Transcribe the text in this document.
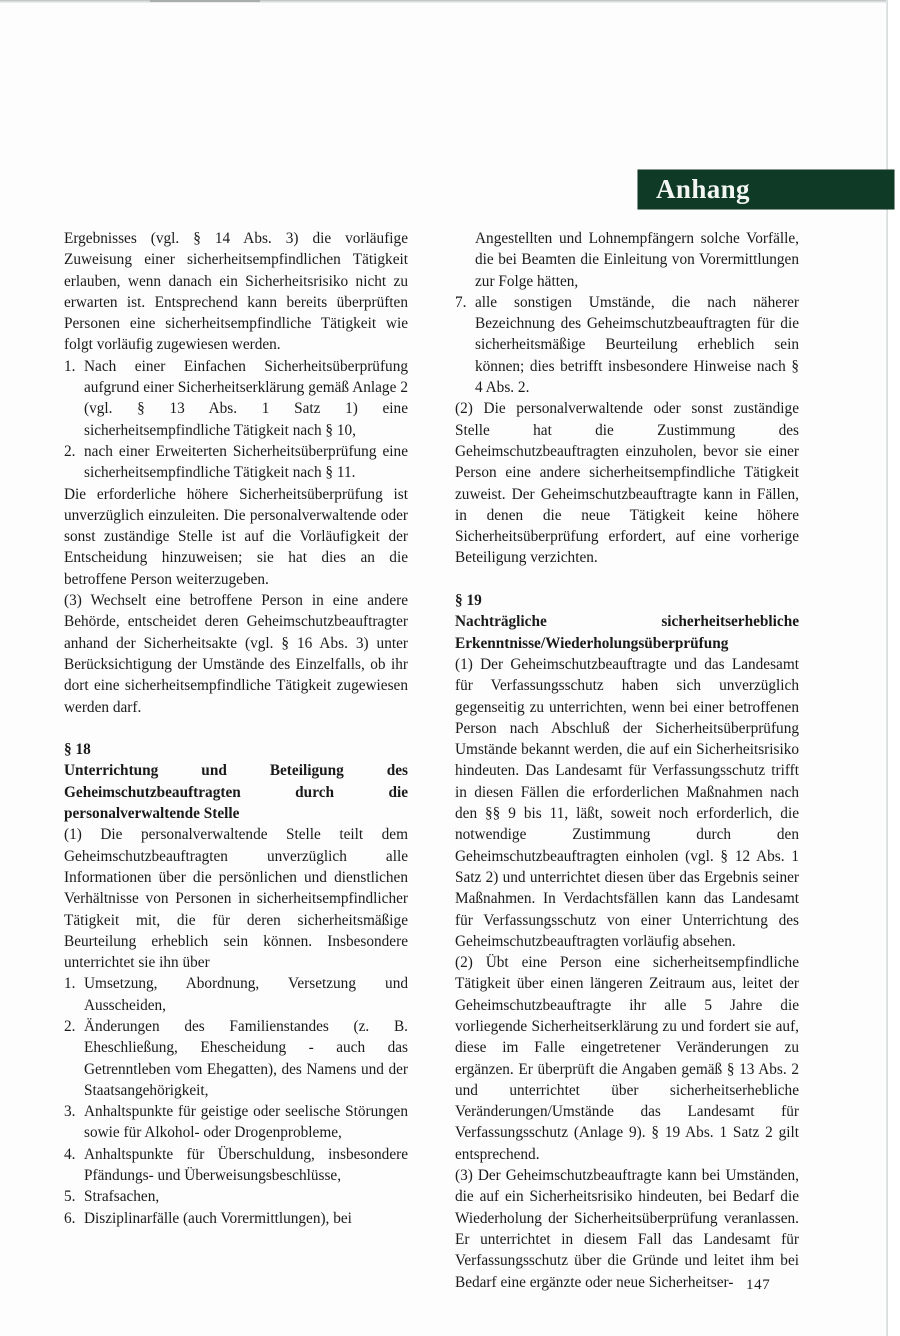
Anhang
Ergebnisses (vgl. § 14 Abs. 3) die vorläufige Zuweisung einer sicherheitsempfindlichen Tätigkeit erlauben, wenn danach ein Sicherheitsrisiko nicht zu erwarten ist. Entsprechend kann bereits überprüften Personen eine sicherheitsempfindliche Tätigkeit wie folgt vorläufig zugewiesen werden.
1. Nach einer Einfachen Sicherheitsüberprüfung aufgrund einer Sicherheitserklärung gemäß Anlage 2 (vgl. § 13 Abs. 1 Satz 1) eine sicherheitsempfindliche Tätigkeit nach § 10,
2. nach einer Erweiterten Sicherheitsüberprüfung eine sicherheitsempfindliche Tätigkeit nach § 11.
Die erforderliche höhere Sicherheitsüberprüfung ist unverzüglich einzuleiten. Die personalverwaltende oder sonst zuständige Stelle ist auf die Vorläufigkeit der Entscheidung hinzuweisen; sie hat dies an die betroffene Person weiterzugeben.
(3) Wechselt eine betroffene Person in eine andere Behörde, entscheidet deren Geheimschutzbeauftragter anhand der Sicherheitsakte (vgl. § 16 Abs. 3) unter Berücksichtigung der Umstände des Einzelfalls, ob ihr dort eine sicherheitsempfindliche Tätigkeit zugewiesen werden darf.
§ 18
Unterrichtung und Beteiligung des Geheimschutzbeauftragten durch die personalverwaltende Stelle
(1) Die personalverwaltende Stelle teilt dem Geheimschutzbeauftragten unverzüglich alle Informationen über die persönlichen und dienstlichen Verhältnisse von Personen in sicherheitsempfindlicher Tätigkeit mit, die für deren sicherheitsmäßige Beurteilung erheblich sein können. Insbesondere unterrichtet sie ihn über
1. Umsetzung, Abordnung, Versetzung und Ausscheiden,
2. Änderungen des Familienstandes (z. B. Eheschließung, Ehescheidung - auch das Getrenntleben vom Ehegatten), des Namens und der Staatsangehörigkeit,
3. Anhaltspunkte für geistige oder seelische Störungen sowie für Alkohol- oder Drogenprobleme,
4. Anhaltspunkte für Überschuldung, insbesondere Pfändungs- und Überweisungsbeschlüsse,
5. Strafsachen,
6. Disziplinarfälle (auch Vorermittlungen), bei
Angestellten und Lohnempfängern solche Vorfälle, die bei Beamten die Einleitung von Vorermittlungen zur Folge hätten,
7. alle sonstigen Umstände, die nach näherer Bezeichnung des Geheimschutzbeauftragten für die sicherheitsmäßige Beurteilung erheblich sein können; dies betrifft insbesondere Hinweise nach § 4 Abs. 2.
(2) Die personalverwaltende oder sonst zuständige Stelle hat die Zustimmung des Geheimschutzbeauftragten einzuholen, bevor sie einer Person eine andere sicherheitsempfindliche Tätigkeit zuweist. Der Geheimschutzbeauftragte kann in Fällen, in denen die neue Tätigkeit keine höhere Sicherheitsüberprüfung erfordert, auf eine vorherige Beteiligung verzichten.
§ 19
Nachträgliche sicherheitserhebliche Erkenntnisse/Wiederholungsüberprüfung
(1) Der Geheimschutzbeauftragte und das Landesamt für Verfassungsschutz haben sich unverzüglich gegenseitig zu unterrichten, wenn bei einer betroffenen Person nach Abschluß der Sicherheitsüberprüfung Umstände bekannt werden, die auf ein Sicherheitsrisiko hindeuten. Das Landesamt für Verfassungsschutz trifft in diesen Fällen die erforderlichen Maßnahmen nach den §§ 9 bis 11, läßt, soweit noch erforderlich, die notwendige Zustimmung durch den Geheimschutzbeauftragten einholen (vgl. § 12 Abs. 1 Satz 2) und unterrichtet diesen über das Ergebnis seiner Maßnahmen. In Verdachtsfällen kann das Landesamt für Verfassungsschutz von einer Unterrichtung des Geheimschutzbeauftragten vorläufig absehen.
(2) Übt eine Person eine sicherheitsempfindliche Tätigkeit über einen längeren Zeitraum aus, leitet der Geheimschutzbeauftragte ihr alle 5 Jahre die vorliegende Sicherheitserklärung zu und fordert sie auf, diese im Falle eingetretener Veränderungen zu ergänzen. Er überprüft die Angaben gemäß § 13 Abs. 2 und unterrichtet über sicherheitserhebliche Veränderungen/Umstände das Landesamt für Verfassungsschutz (Anlage 9). § 19 Abs. 1 Satz 2 gilt entsprechend.
(3) Der Geheimschutzbeauftragte kann bei Umständen, die auf ein Sicherheitsrisiko hindeuten, bei Bedarf die Wiederholung der Sicherheitsüberprüfung veranlassen. Er unterrichtet in diesem Fall das Landesamt für Verfassungsschutz über die Gründe und leitet ihm bei Bedarf eine ergänzte oder neue Sicherheitser- 147
